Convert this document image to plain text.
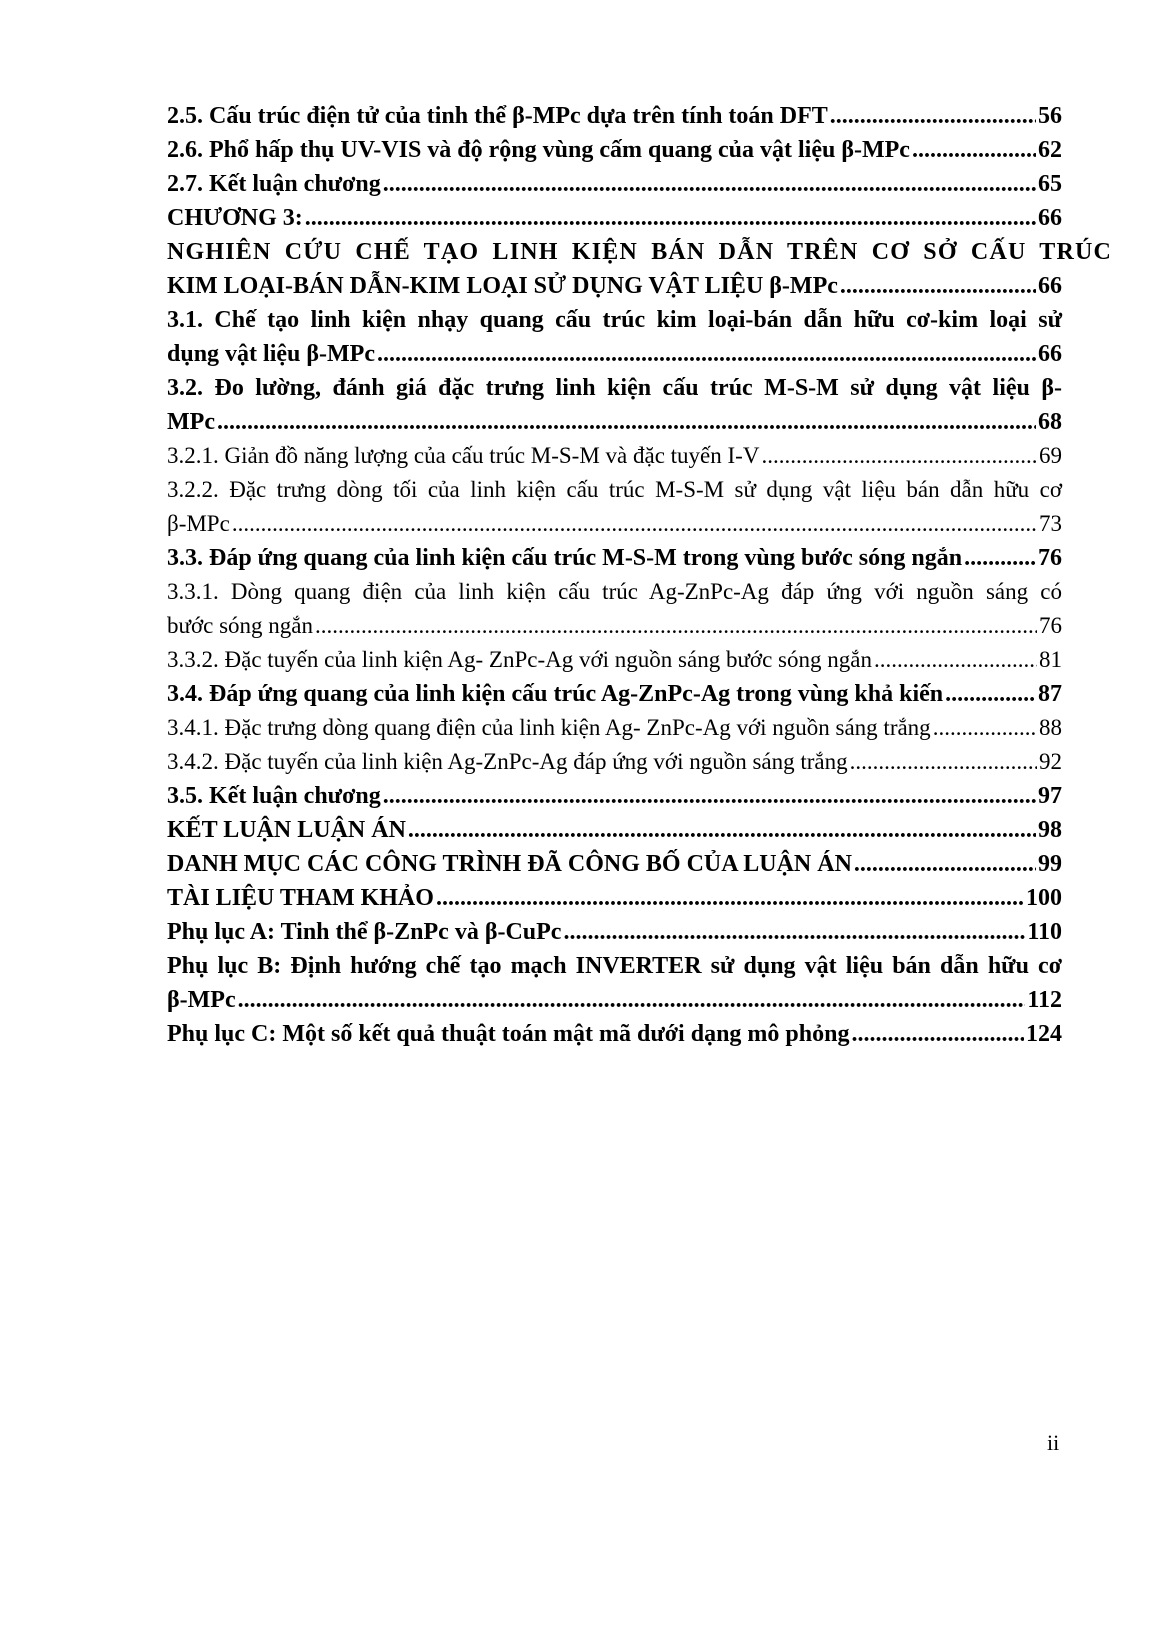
2.5. Cấu trúc điện tử của tinh thể β-MPc dựa trên tính toán DFT .....	56
2.6. Phổ hấp thụ UV-VIS và độ rộng vùng cấm quang của vật liệu β-MPc .....	62
2.7. Kết luận chương .....	65
CHƯƠNG 3: .....	66
NGHIÊN CỨU CHẾ TẠO LINH KIỆN BÁN DẪN TRÊN CƠ SỞ CẤU TRÚC
KIM LOẠI-BÁN DẪN-KIM LOẠI SỬ DỤNG VẬT LIỆU β-MPc .....	66
3.1. Chế tạo linh kiện nhạy quang cấu trúc kim loại-bán dẫn hữu cơ-kim loại sử
dụng vật liệu β-MPc .....	66
3.2. Đo lường, đánh giá đặc trưng linh kiện cấu trúc M-S-M sử dụng vật liệu β-
MPc .....	68
3.2.1. Giản đồ năng lượng của cấu trúc M-S-M và đặc tuyến I-V .....	69
3.2.2. Đặc trưng dòng tối của linh kiện cấu trúc M-S-M sử dụng vật liệu bán dẫn hữu cơ
β-MPc .....	73
3.3. Đáp ứng quang của linh kiện cấu trúc M-S-M trong vùng bước sóng ngắn .....	76
3.3.1. Dòng quang điện của linh kiện cấu trúc Ag-ZnPc-Ag đáp ứng với nguồn sáng có
bước sóng ngắn .....	76
3.3.2. Đặc tuyến của linh kiện Ag- ZnPc-Ag với nguồn sáng bước sóng ngắn .....	81
3.4. Đáp ứng quang của linh kiện cấu trúc Ag-ZnPc-Ag trong vùng khả kiến .....	87
3.4.1. Đặc trưng dòng quang điện của linh kiện Ag- ZnPc-Ag với nguồn sáng trắng .....	88
3.4.2. Đặc tuyến của linh kiện Ag-ZnPc-Ag đáp ứng với nguồn sáng trắng .....	92
3.5. Kết luận chương .....	97
KẾT LUẬN LUẬN ÁN .....	98
DANH MỤC CÁC CÔNG TRÌNH ĐÃ CÔNG BỐ CỦA LUẬN ÁN .....	99
TÀI LIỆU THAM KHẢO .....	100
Phụ lục A: Tinh thể β-ZnPc và β-CuPc .....	110
Phụ lục B: Định hướng chế tạo mạch INVERTER sử dụng vật liệu bán dẫn hữu cơ
β-MPc .....	112
Phụ lục C: Một số kết quả thuật toán mật mã dưới dạng mô phỏng .....	124
ii
